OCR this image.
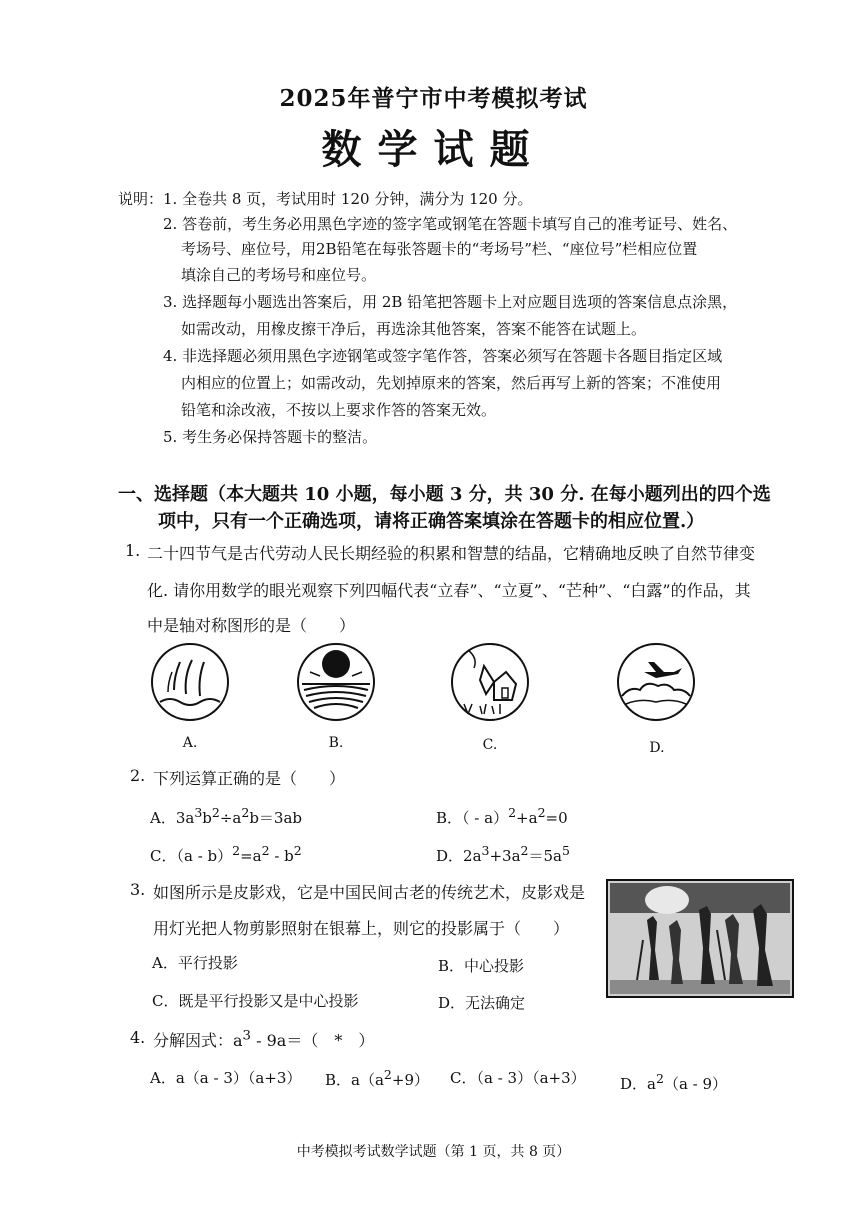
2025年普宁市中考模拟考试
数学试题
说明： 1. 全卷共 8 页，考试用时 120 分钟，满分为 120 分。
2. 答卷前，考生务必用黑色字迹的签字笔或钢笔在答题卡填写自己的准考证号、姓名、
考场号、座位号，用2B铅笔在每张答题卡的“考场号”栏、“座位号”栏相应位置
填涂自己的考场号和座位号。
3. 选择题每小题选出答案后，用 2B 铅笔把答题卡上对应题目选项的答案信息点涂黑，
如需改动，用橡皮擦干净后，再选涂其他答案，答案不能答在试题上。
4. 非选择题必须用黑色字迹钢笔或签字笔作答，答案必须写在答题卡各题目指定区域
内相应的位置上；如需改动，先划掉原来的答案，然后再写上新的答案；不准使用
铅笔和涂改液，不按以上要求作答的答案无效。
5. 考生务必保持答题卡的整洁。
一、选择题（本大题共 10 小题，每小题 3 分，共 30 分. 在每小题列出的四个选
项中，只有一个正确选项，请将正确答案填涂在答题卡的相应位置.）
1. 二十四节气是古代劳动人民长期经验的积累和智慧的结晶，它精确地反映了自然节律变
化. 请你用数学的眼光观察下列四幅代表“立春”、“立夏”、“芒种”、“白露”的作品，其
中是轴对称图形的是（　　）
A.	B.	C.	D.
2. 下列运算正确的是（　　）
A．$3a^3b^2\div a^2b=3ab$	B．（ - $a)^2+a^2=0$
C．$(a - b)^2=a^2 - b^2$	D．$2a^3+3a^2=5a^5$
3. 如图所示是皮影戏，它是中国民间古老的传统艺术，皮影戏是
用灯光把人物剪影照射在银幕上，则它的投影属于（　　）
A．平行投影	B．中心投影
C．既是平行投影又是中心投影	D．无法确定
4. 分解因式：$a^3 - 9a=$（　*　）
A．a（a - 3）（a+3） B．$a(a^2+9)$ C．（a - 3）（a+3） D．$a^2(a - 9)$
中考模拟考试数学试题（第 1 页，共 8 页）
